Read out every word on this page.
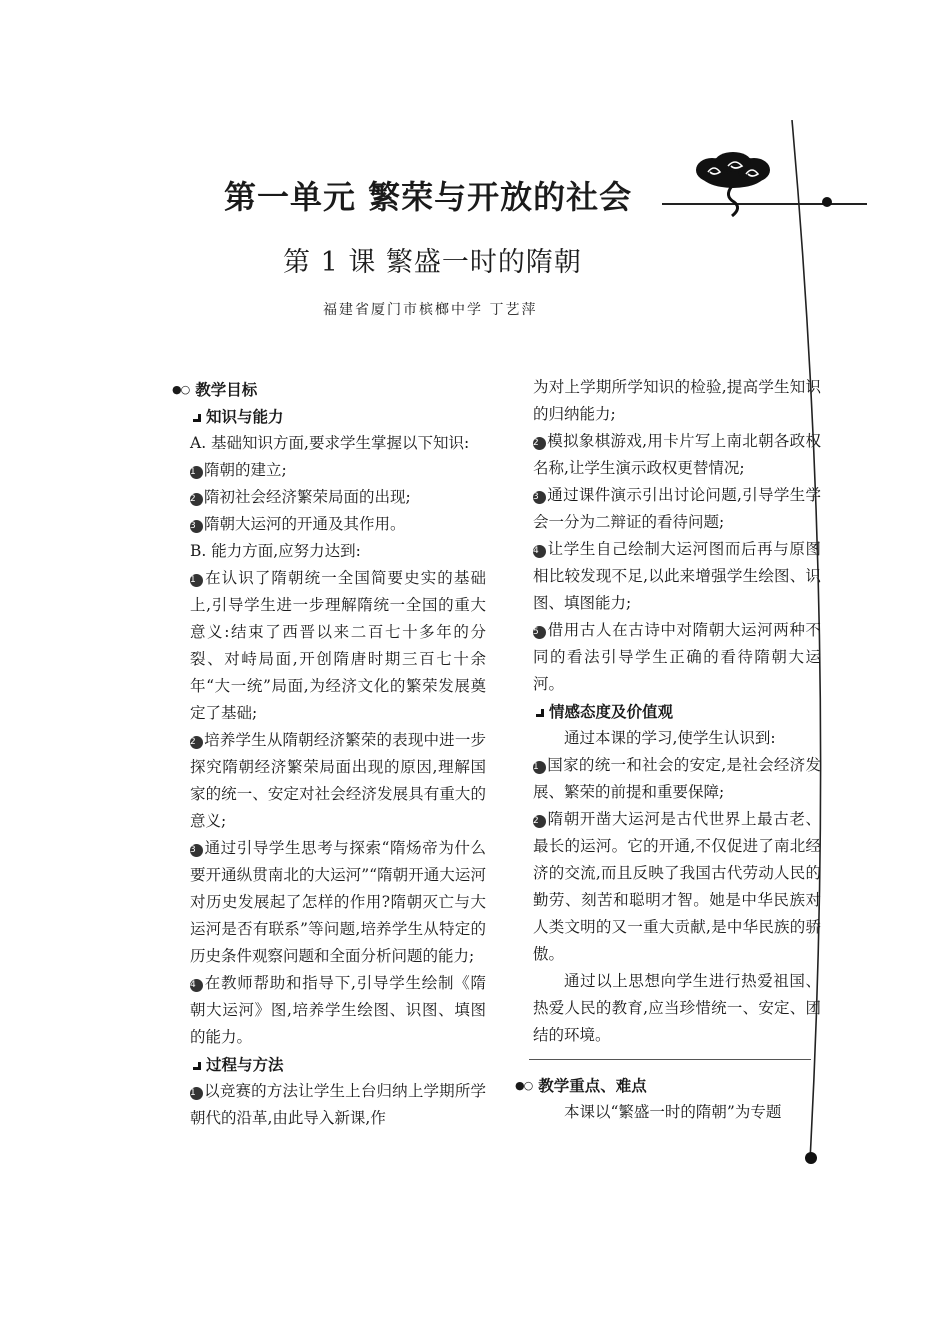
第一单元 繁荣与开放的社会
第 1 课 繁盛一时的隋朝
福建省厦门市槟榔中学 丁艺萍
●○ 教学目标
知识与能力

A. 基础知识方面,要求学生掌握以下知识:

1 隋朝的建立;

2 隋初社会经济繁荣局面的出现;

3 隋朝大运河的开通及其作用。

B. 能力方面,应努力达到:

1 在认识了隋朝统一全国简要史实的基础上,引导学生进一步理解隋统一全国的重大意义:结束了西晋以来二百七十多年的分裂、对峙局面,开创隋唐时期三百七十余年“大一统”局面,为经济文化的繁荣发展奠定了基础;

2 培养学生从隋朝经济繁荣的表现中进一步探究隋朝经济繁荣局面出现的原因,理解国家的统一、安定对社会经济发展具有重大的意义;

3 通过引导学生思考与探索“隋炀帝为什么要开通纵贯南北的大运河”“隋朝开通大运河对历史发展起了怎样的作用?隋朝灭亡与大运河是否有联系”等问题,培养学生从特定的历史条件观察问题和全面分析问题的能力;

4 在教师帮助和指导下,引导学生绘制《隋朝大运河》图,培养学生绘图、识图、填图的能力。

过程与方法

1 以竞赛的方法让学生上台归纳上学期所学朝代的沿革,由此导入新课,作

为对上学期所学知识的检验,提高学生知识的归纳能力;

2 模拟象棋游戏,用卡片写上南北朝各政权名称,让学生演示政权更替情况;

3 通过课件演示引出讨论问题,引导学生学会一分为二辩证的看待问题;

4 让学生自己绘制大运河图而后再与原图相比较发现不足,以此来增强学生绘图、识图、填图能力;

5 借用古人在古诗中对隋朝大运河两种不同的看法引导学生正确的看待隋朝大运河。

情感态度及价值观

通过本课的学习,使学生认识到:

1 国家的统一和社会的安定,是社会经济发展、繁荣的前提和重要保障;

2 隋朝开凿大运河是古代世界上最古老、最长的运河。它的开通,不仅促进了南北经济的交流,而且反映了我国古代劳动人民的勤劳、刻苦和聪明才智。她是中华民族对人类文明的又一重大贡献,是中华民族的骄傲。

通过以上思想向学生进行热爱祖国、热爱人民的教育,应当珍惜统一、安定、团结的环境。

●○ 教学重点、难点

本课以“繁盛一时的隋朝”为专题
